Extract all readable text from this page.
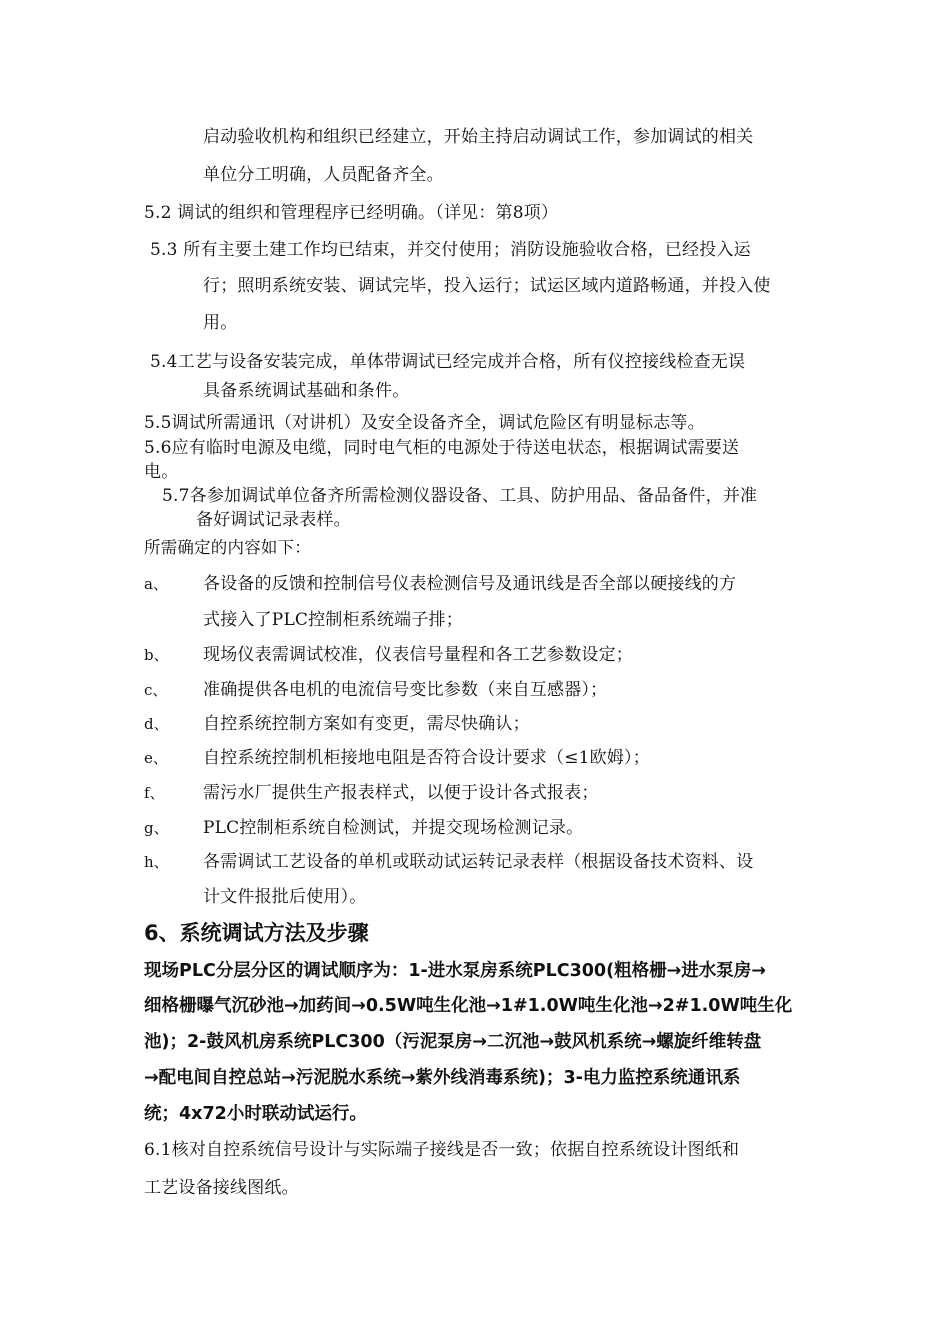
启动验收机构和组织已经建立，开始主持启动调试工作，参加调试的相关
单位分工明确，人员配备齐全。
5.2 调试的组织和管理程序已经明确。（详见：第8项）
5.3 所有主要土建工作均已结束，并交付使用；消防设施验收合格，已经投入运
行；照明系统安装、调试完毕，投入运行；试运区域内道路畅通，并投入使
用。
5.4工艺与设备安装完成，单体带调试已经完成并合格，所有仪控接线检查无误
具备系统调试基础和条件。
5.5调试所需通讯（对讲机）及安全设备齐全，调试危险区有明显标志等。
5.6应有临时电源及电缆，同时电气柜的电源处于待送电状态，根据调试需要送
电。
5.7各参加调试单位备齐所需检测仪器设备、工具、防护用品、备品备件，并准
备好调试记录表样。
所需确定的内容如下：
a、 各设备的反馈和控制信号仪表检测信号及通讯线是否全部以硬接线的方
式接入了PLC控制柜系统端子排；
b、 现场仪表需调试校准，仪表信号量程和各工艺参数设定；
c、 准确提供各电机的电流信号变比参数（来自互感器）；
d、 自控系统控制方案如有变更，需尽快确认；
e、 自控系统控制机柜接地电阻是否符合设计要求（≤1欧姆）；
f、 需污水厂提供生产报表样式，以便于设计各式报表；
g、 PLC控制柜系统自检测试，并提交现场检测记录。
h、 各需调试工艺设备的单机或联动试运转记录表样（根据设备技术资料、设
计文件报批后使用）。
6、系统调试方法及步骤
现场PLC分层分区的调试顺序为：1-进水泵房系统PLC300(粗格栅→进水泵房→
细格栅曝气沉砂池→加药间→0.5W吨生化池→1#1.0W吨生化池→2#1.0W吨生化
池)；2-鼓风机房系统PLC300（污泥泵房→二沉池→鼓风机系统→螺旋纤维转盘
→配电间自控总站→污泥脱水系统→紫外线消毒系统)；3-电力监控系统通讯系
统；4x72小时联动试运行。
6.1核对自控系统信号设计与实际端子接线是否一致；依据自控系统设计图纸和
工艺设备接线图纸。
